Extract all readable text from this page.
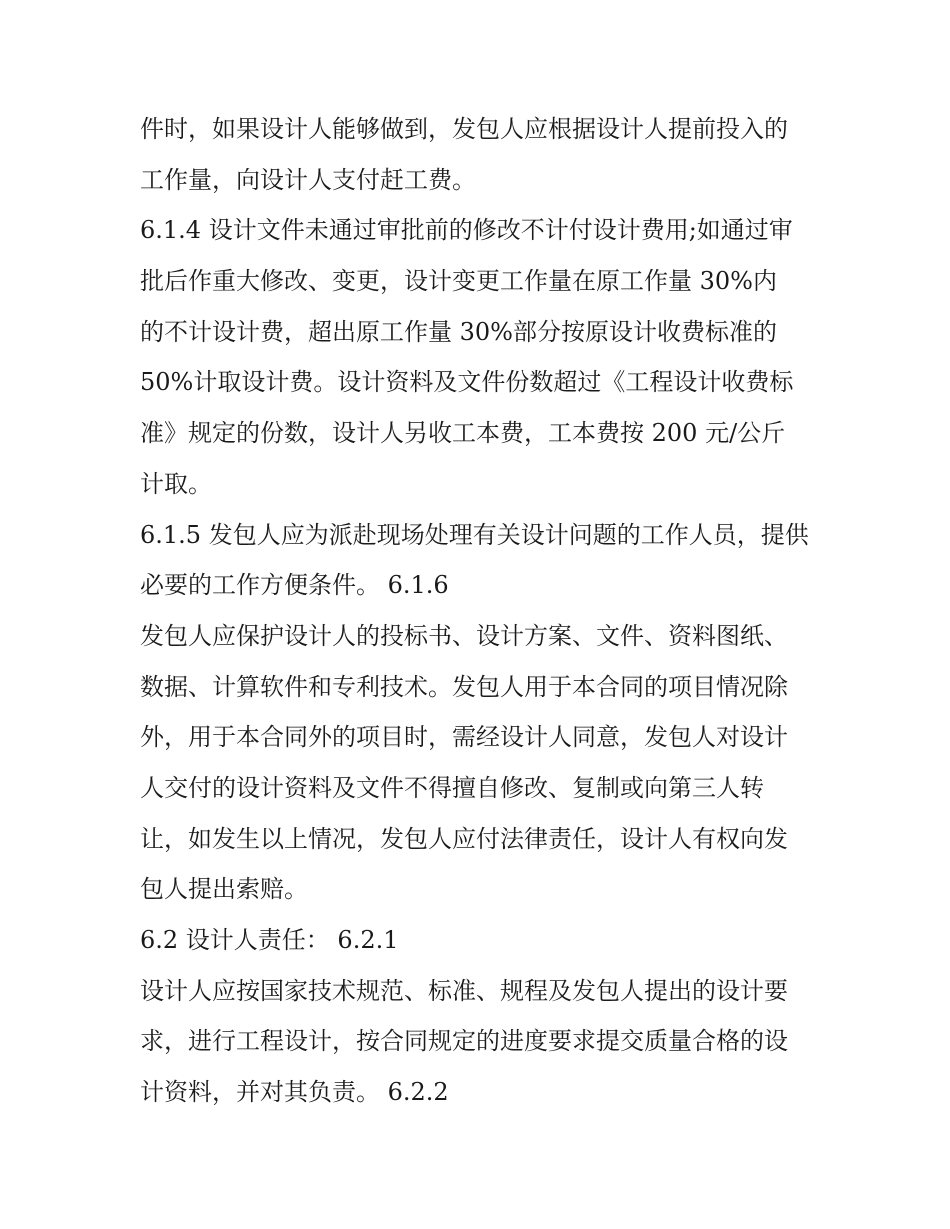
件时，如果设计人能够做到，发包人应根据设计人提前投入的
工作量，向设计人支付赶工费。
6.1.4 设计文件未通过审批前的修改不计付设计费用;如通过审
批后作重大修改、变更，设计变更工作量在原工作量 30%内
的不计设计费，超出原工作量 30%部分按原设计收费标准的
50%计取设计费。设计资料及文件份数超过《工程设计收费标
准》规定的份数，设计人另收工本费，工本费按 200 元/公斤
计取。
6.1.5 发包人应为派赴现场处理有关设计问题的工作人员，提供
必要的工作方便条件。 6.1.6
发包人应保护设计人的投标书、设计方案、文件、资料图纸、
数据、计算软件和专利技术。发包人用于本合同的项目情况除
外，用于本合同外的项目时，需经设计人同意，发包人对设计
人交付的设计资料及文件不得擅自修改、复制或向第三人转
让，如发生以上情况，发包人应付法律责任，设计人有权向发
包人提出索赔。
6.2 设计人责任： 6.2.1
设计人应按国家技术规范、标准、规程及发包人提出的设计要
求，进行工程设计，按合同规定的进度要求提交质量合格的设
计资料，并对其负责。 6.2.2
